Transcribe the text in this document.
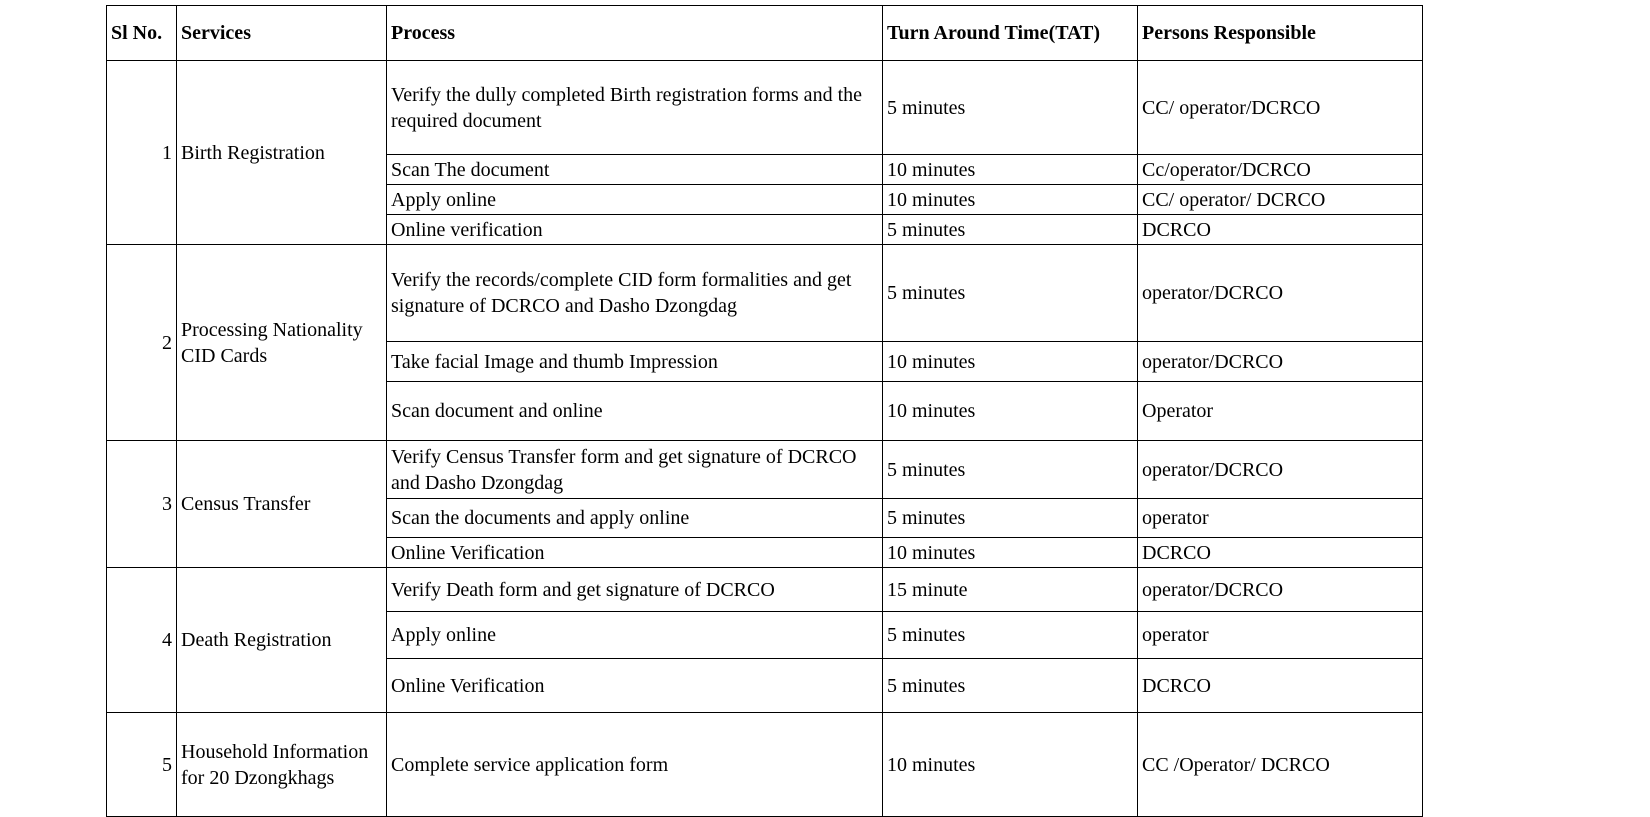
Sl No.	Services	Process	Turn Around Time(TAT)	Persons Responsible
1	Birth Registration	Verify the dully completed Birth registration forms and the required document	5 minutes	CC/ operator/DCRCO
		Scan The document	10 minutes	Cc/operator/DCRCO
		Apply online	10 minutes	CC/ operator/ DCRCO
		Online verification	5 minutes	DCRCO
2	Processing Nationality CID Cards	Verify the records/complete CID form formalities and get signature of DCRCO and Dasho Dzongdag	5 minutes	operator/DCRCO
		Take facial Image and thumb Impression	10 minutes	operator/DCRCO
		Scan document and online	10 minutes	Operator
3	Census Transfer	Verify Census Transfer form and get signature of DCRCO and Dasho Dzongdag	5 minutes	operator/DCRCO
		Scan the documents and apply online	5 minutes	operator
		Online Verification	10 minutes	DCRCO
4	Death Registration	Verify Death form and get signature of DCRCO	15 minute	operator/DCRCO
		Apply online	5 minutes	operator
		Online Verification	5 minutes	DCRCO
5	Household Information for 20 Dzongkhags	Complete service application form	10 minutes	CC /Operator/ DCRCO
